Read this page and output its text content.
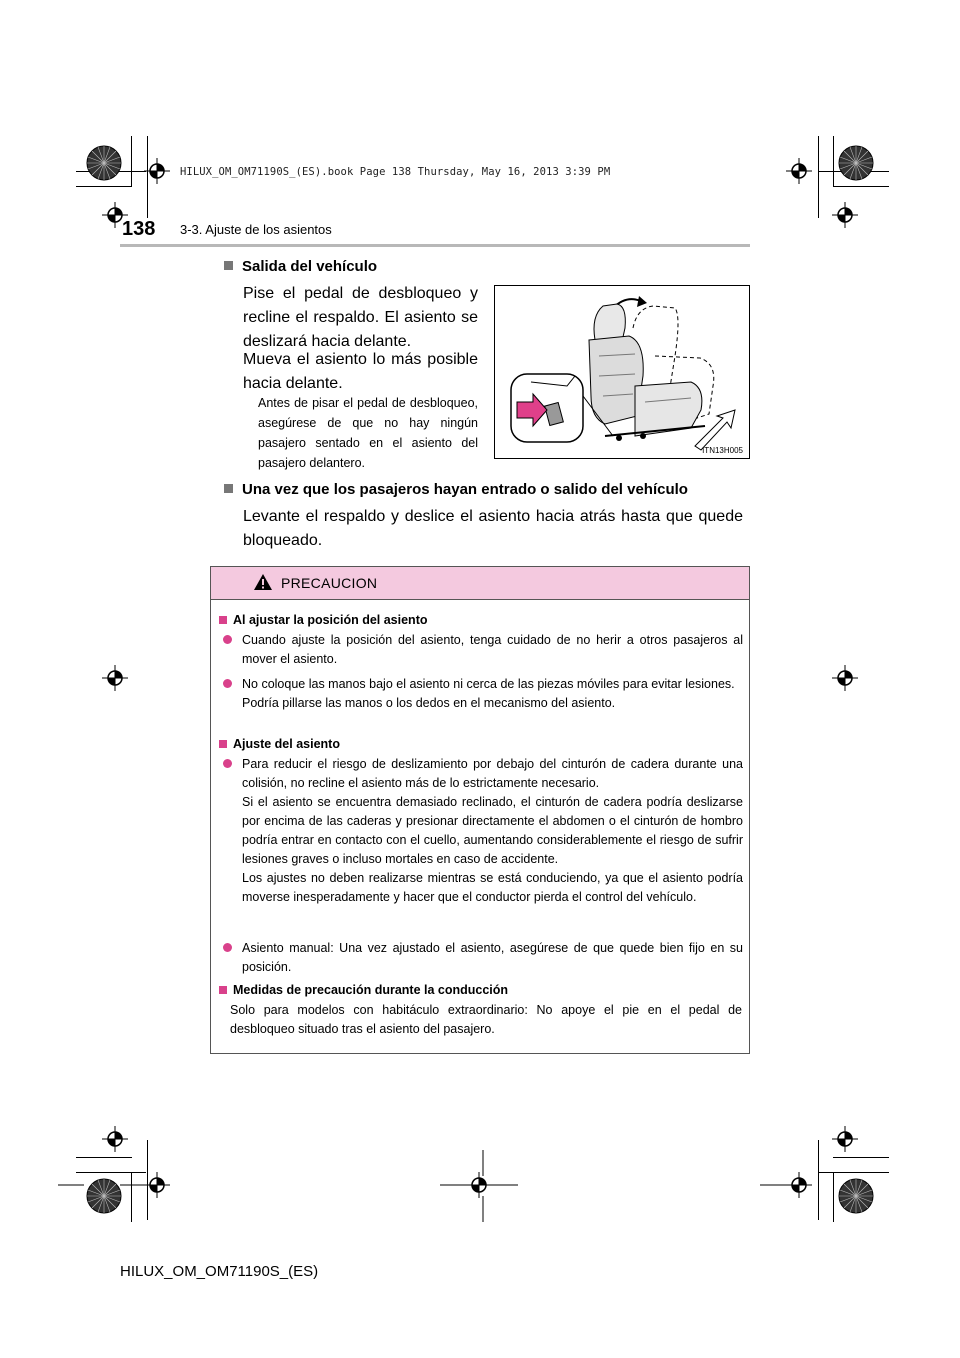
HILUX_OM_OM71190S_(ES).book Page 138 Thursday, May 16, 2013 3:39 PM
138 3-3. Ajuste de los asientos
Salida del vehículo
Pise el pedal de desbloqueo y recline el respaldo. El asiento se deslizará hacia delante.
Mueva el asiento lo más posible hacia delante.
Antes de pisar el pedal de desbloqueo, asegúrese de que no hay ningún pasajero sentado en el asiento del pasajero delantero.
ITN13H005
Una vez que los pasajeros hayan entrado o salido del vehículo
Levante el respaldo y deslice el asiento hacia atrás hasta que quede bloqueado.
PRECAUCION
Al ajustar la posición del asiento
Cuando ajuste la posición del asiento, tenga cuidado de no herir a otros pasajeros al mover el asiento.
No coloque las manos bajo el asiento ni cerca de las piezas móviles para evitar lesiones.
Podría pillarse las manos o los dedos en el mecanismo del asiento.
Ajuste del asiento
Para reducir el riesgo de deslizamiento por debajo del cinturón de cadera durante una colisión, no recline el asiento más de lo estrictamente necesario.
Si el asiento se encuentra demasiado reclinado, el cinturón de cadera podría deslizarse por encima de las caderas y presionar directamente el abdomen o el cinturón de hombro podría entrar en contacto con el cuello, aumentando considerablemente el riesgo de sufrir lesiones graves o incluso mortales en caso de accidente.
Los ajustes no deben realizarse mientras se está conduciendo, ya que el asiento podría moverse inesperadamente y hacer que el conductor pierda el control del vehículo.
Asiento manual: Una vez ajustado el asiento, asegúrese de que quede bien fijo en su posición.
Medidas de precaución durante la conducción
Solo para modelos con habitáculo extraordinario: No apoye el pie en el pedal de desbloqueo situado tras el asiento del pasajero.
HILUX_OM_OM71190S_(ES)
